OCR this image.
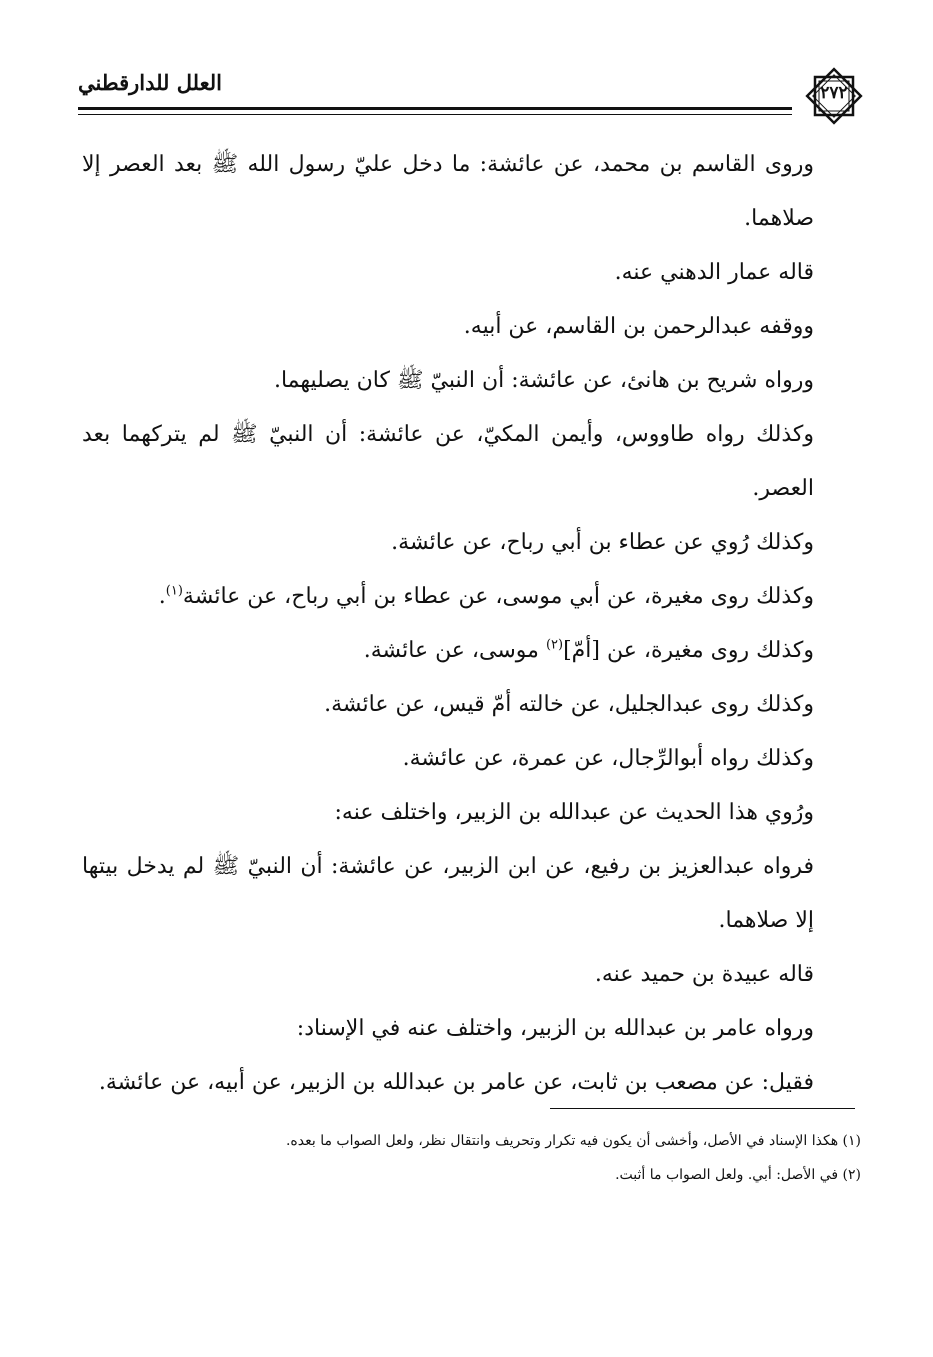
العلل للدارقطني	٢٧٢

وروى القاسم بن محمد، عن عائشة: ما دخل عليّ رسول الله ﷺ بعد العصر إلا صلاهما.

قاله عمار الدهني عنه.

ووقفه عبدالرحمن بن القاسم، عن أبيه.

ورواه شريح بن هانئ، عن عائشة: أن النبيّ ﷺ كان يصليهما.

وكذلك رواه طاووس، وأيمن المكيّ، عن عائشة: أن النبيّ ﷺ لم يتركهما بعد العصر.

وكذلك رُوي عن عطاء بن أبي رباح، عن عائشة.

وكذلك روى مغيرة، عن أبي موسى، عن عطاء بن أبي رباح، عن عائشة$^{(١)}$.

وكذلك روى مغيرة، عن [أمّ]$^{(٢)}$ موسى، عن عائشة.

وكذلك روى عبدالجليل، عن خالته أمّ قيس، عن عائشة.

وكذلك رواه أبوالرِّجال، عن عمرة، عن عائشة.

ورُوي هذا الحديث عن عبدالله بن الزبير، واختلف عنه:

فرواه عبدالعزيز بن رفيع، عن ابن الزبير، عن عائشة: أن النبيّ ﷺ لم يدخل بيتها إلا صلاهما.

قاله عبيدة بن حميد عنه.

ورواه عامر بن عبدالله بن الزبير، واختلف عنه في الإسناد:

فقيل: عن مصعب بن ثابت، عن عامر بن عبدالله بن الزبير، عن أبيه، عن عائشة.

(١) هكذا الإسناد في الأصل، وأخشى أن يكون فيه تكرار وتحريف وانتقال نظر، ولعل الصواب ما بعده.

(٢) في الأصل: أبي. ولعل الصواب ما أثبت.
